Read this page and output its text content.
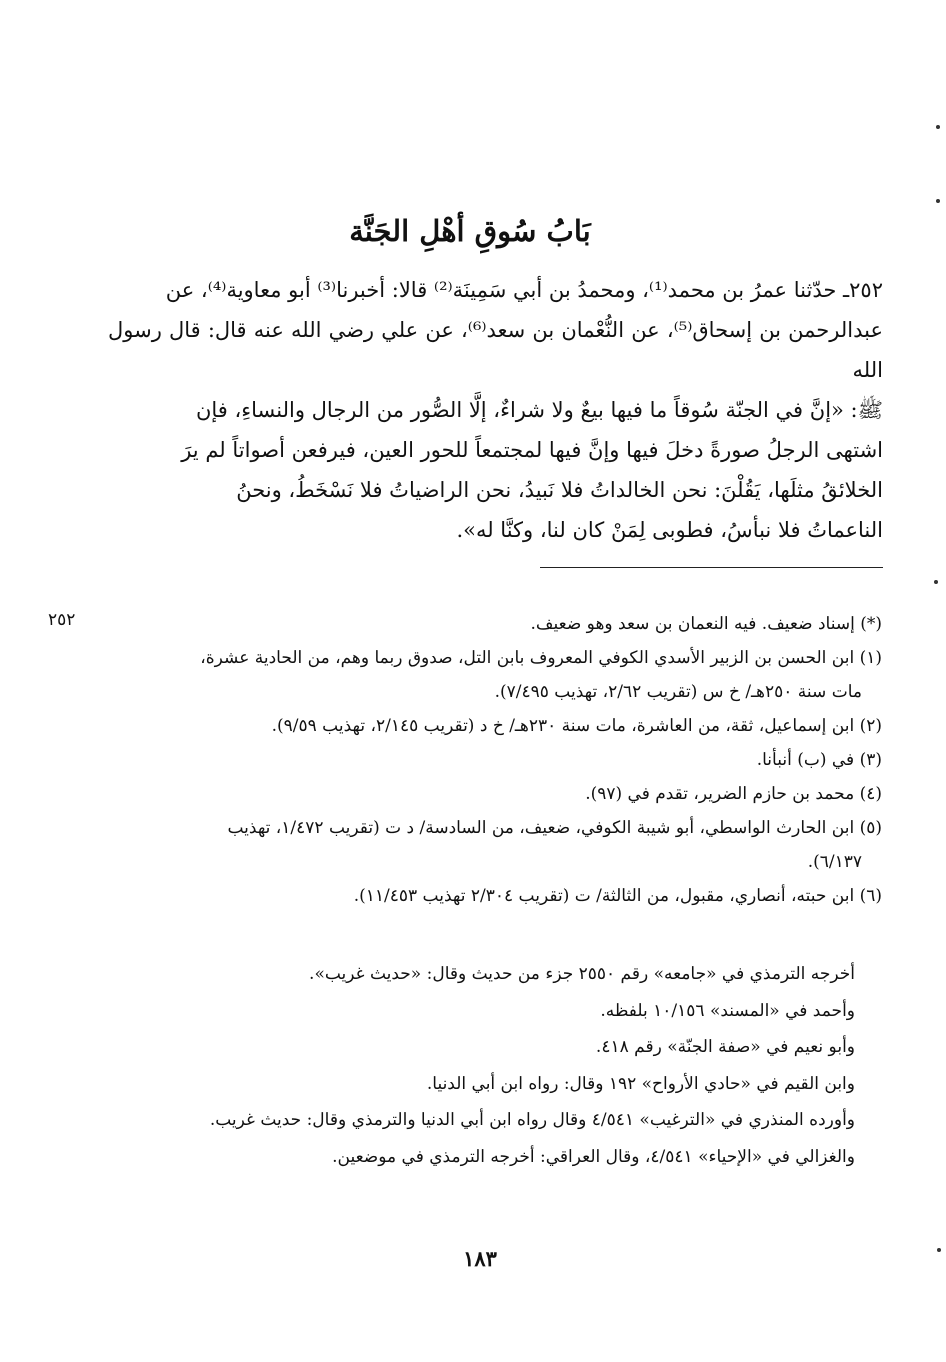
بَابُ سُوقِ أهْلِ الجَنَّة

٢٥٢ـ حدّثنا عمرُ بن محمد⁽¹⁾، ومحمدُ بن أبي سَمِينَة⁽²⁾ قالا: أخبرنا⁽³⁾ أبو معاوية⁽⁴⁾، عن

عبدالرحمن بن إسحاق⁽⁵⁾، عن النُّعْمان بن سعد⁽⁶⁾، عن علي رضي الله عنه قال: قال رسول الله

ﷺ: «إنَّ في الجنّة سُوقاً ما فيها بيعٌ ولا شراءٌ، إلَّا الصُّور من الرجال والنساءِ، فإن

اشتهى الرجلُ صورةً دخلَ فيها وإنَّ فيها لمجتمعاً للحور العين، فيرفعن أصواتاً لم يرَ

الخلائقُ مثلَها، يَقُلْنَ: نحن الخالداتُ فلا نَبيدُ، نحن الراضياتُ فلا نَسْخَطُ، ونحنُ

الناعماتُ فلا نبأسُ، فطوبى لِمَنْ كان لنا، وكنَّا له».

٢٥٢	(*) إسناد ضعيف. فيه النعمان بن سعد وهو ضعيف.

(١) ابن الحسن بن الزبير الأسدي الكوفي المعروف بابن التل، صدوق ربما وهم، من الحادية عشرة،

مات سنة ٢٥٠هـ/ خ س (تقريب ٢/٦٢، تهذيب ٧/٤٩٥).

(٢) ابن إسماعيل، ثقة، من العاشرة، مات سنة ٢٣٠هـ/ خ د (تقريب ٢/١٤٥، تهذيب ٩/٥٩).

(٣) في (ب) أنبأنا.

(٤) محمد بن حازم الضرير، تقدم في (٩٧).

(٥) ابن الحارث الواسطي، أبو شيبة الكوفي، ضعيف، من السادسة/ د ت (تقريب ١/٤٧٢، تهذيب

٦/١٣٧).

(٦) ابن حبته، أنصاري، مقبول، من الثالثة/ ت (تقريب ٢/٣٠٤ تهذيب ١١/٤٥٣).

أخرجه الترمذي في «جامعه» رقم ٢٥٥٠ جزء من حديث وقال: «حديث غريب».

وأحمد في «المسند» ١٠/١٥٦ بلفظه.

وأبو نعيم في «صفة الجنّة» رقم ٤١٨.

وابن القيم في «حادي الأرواح» ١٩٢ وقال: رواه ابن أبي الدنيا.

وأورده المنذري في «الترغيب» ٤/٥٤١ وقال رواه ابن أبي الدنيا والترمذي وقال: حديث غريب.

والغزالي في «الإحياء» ٤/٥٤١، وقال العراقي: أخرجه الترمذي في موضعين.

١٨٣
